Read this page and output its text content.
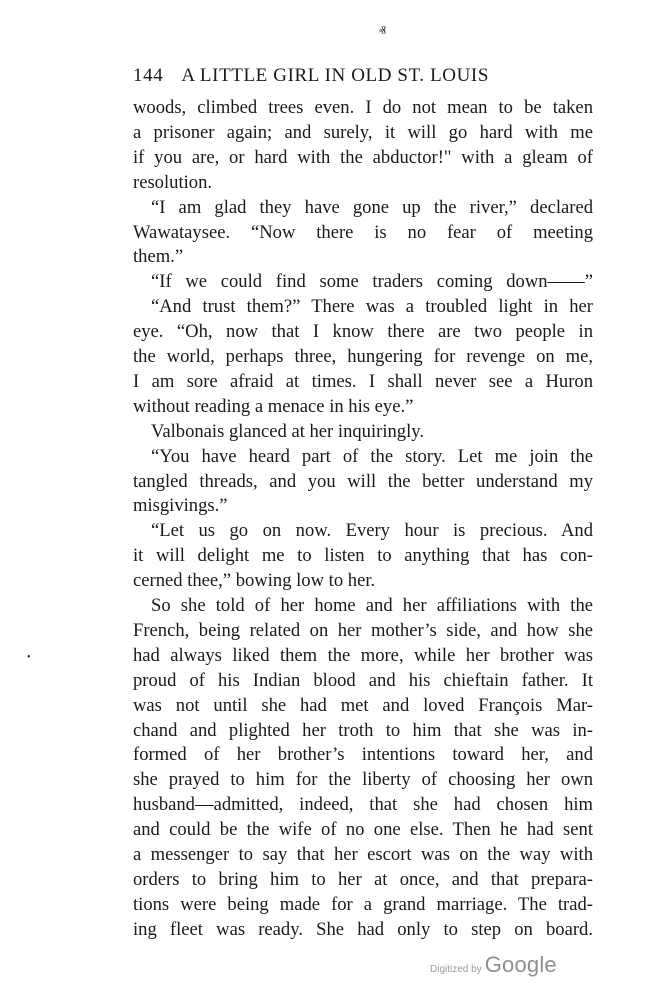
ⱏ
•
144 A LITTLE GIRL IN OLD ST. LOUIS
woods, climbed trees even. I do not mean to be taken
a prisoner again; and surely, it will go hard with me
if you are, or hard with the abductor!" with a gleam of
resolution.
“I am glad they have gone up the river,” declared
Wawataysee. “Now there is no fear of meeting
them.”
“If we could find some traders coming down——”
“And trust them?” There was a troubled light in her
eye. “Oh, now that I know there are two people in
the world, perhaps three, hungering for revenge on me,
I am sore afraid at times. I shall never see a Huron
without reading a menace in his eye.”
Valbonais glanced at her inquiringly.
“You have heard part of the story. Let me join the
tangled threads, and you will the better understand my
misgivings.”
“Let us go on now. Every hour is precious. And
it will delight me to listen to anything that has con-
cerned thee,” bowing low to her.
So she told of her home and her affiliations with the
French, being related on her mother’s side, and how she
had always liked them the more, while her brother was
proud of his Indian blood and his chieftain father. It
was not until she had met and loved François Mar-
chand and plighted her troth to him that she was in-
formed of her brother’s intentions toward her, and
she prayed to him for the liberty of choosing her own
husband—admitted, indeed, that she had chosen him
and could be the wife of no one else. Then he had sent
a messenger to say that her escort was on the way with
orders to bring him to her at once, and that prepara-
tions were being made for a grand marriage. The trad-
ing fleet was ready. She had only to step on board.
Digitized by Google
